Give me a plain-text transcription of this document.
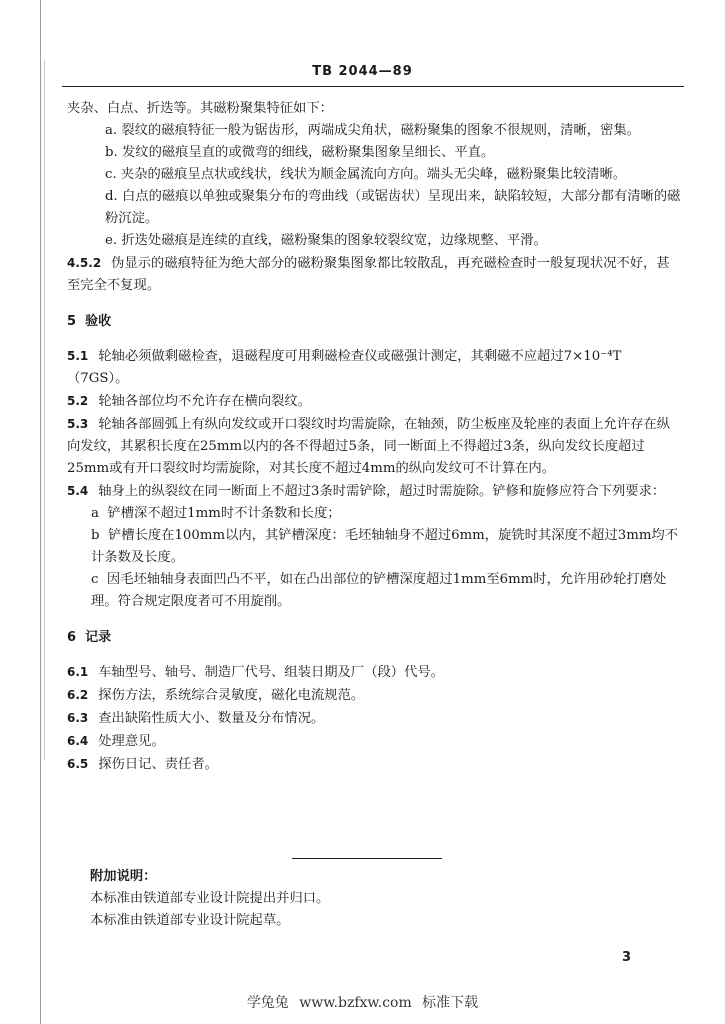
TB 2044—89

夹杂、白点、折迭等。其磁粉聚集特征如下：

a. 裂纹的磁痕特征一般为锯齿形，两端成尖角状，磁粉聚集的图象不很规则，清晰，密集。

b. 发纹的磁痕呈直的或微弯的细线，磁粉聚集图象呈细长、平直。

c. 夹杂的磁痕呈点状或线状，线状为顺金属流向方向。端头无尖峰，磁粉聚集比较清晰。

d. 白点的磁痕以单独或聚集分布的弯曲线（或锯齿状）呈现出来，缺陷较短，大部分都有清晰的磁粉沉淀。

e. 折迭处磁痕是连续的直线，磁粉聚集的图象较裂纹宽，边缘规整、平滑。

4.5.2 伪显示的磁痕特征为绝大部分的磁粉聚集图象都比较散乱，再充磁检查时一般复现状况不好，甚至完全不复现。

5 验收

5.1 轮轴必须做剩磁检查，退磁程度可用剩磁检查仪或磁强计测定，其剩磁不应超过7×10⁻⁴T（7GS）。

5.2 轮轴各部位均不允许存在横向裂纹。

5.3 轮轴各部圆弧上有纵向发纹或开口裂纹时均需旋除，在轴颈，防尘板座及轮座的表面上允许存在纵向发纹，其累积长度在25mm以内的各不得超过5条，同一断面上不得超过3条，纵向发纹长度超过25mm或有开口裂纹时均需旋除，对其长度不超过4mm的纵向发纹可不计算在内。

5.4 轴身上的纵裂纹在同一断面上不超过3条时需铲除，超过时需旋除。铲修和旋修应符合下列要求：

a 铲槽深不超过1mm时不计条数和长度；

b 铲槽长度在100mm以内，其铲槽深度：毛坯轴轴身不超过6mm，旋铣时其深度不超过3mm均不计条数及长度。

c 因毛坯轴轴身表面凹凸不平，如在凸出部位的铲槽深度超过1mm至6mm时，允许用砂轮打磨处理。符合规定限度者可不用旋削。

6 记录

6.1 车轴型号、轴号、制造厂代号、组装日期及厂（段）代号。

6.2 探伤方法，系统综合灵敏度，磁化电流规范。

6.3 查出缺陷性质大小、数量及分布情况。

6.4 处理意见。

6.5 探伤日记、责任者。

附加说明：

本标准由铁道部专业设计院提出并归口。

本标准由铁道部专业设计院起草。

3
学兔兔 www.bzfxw.com 标准下载
